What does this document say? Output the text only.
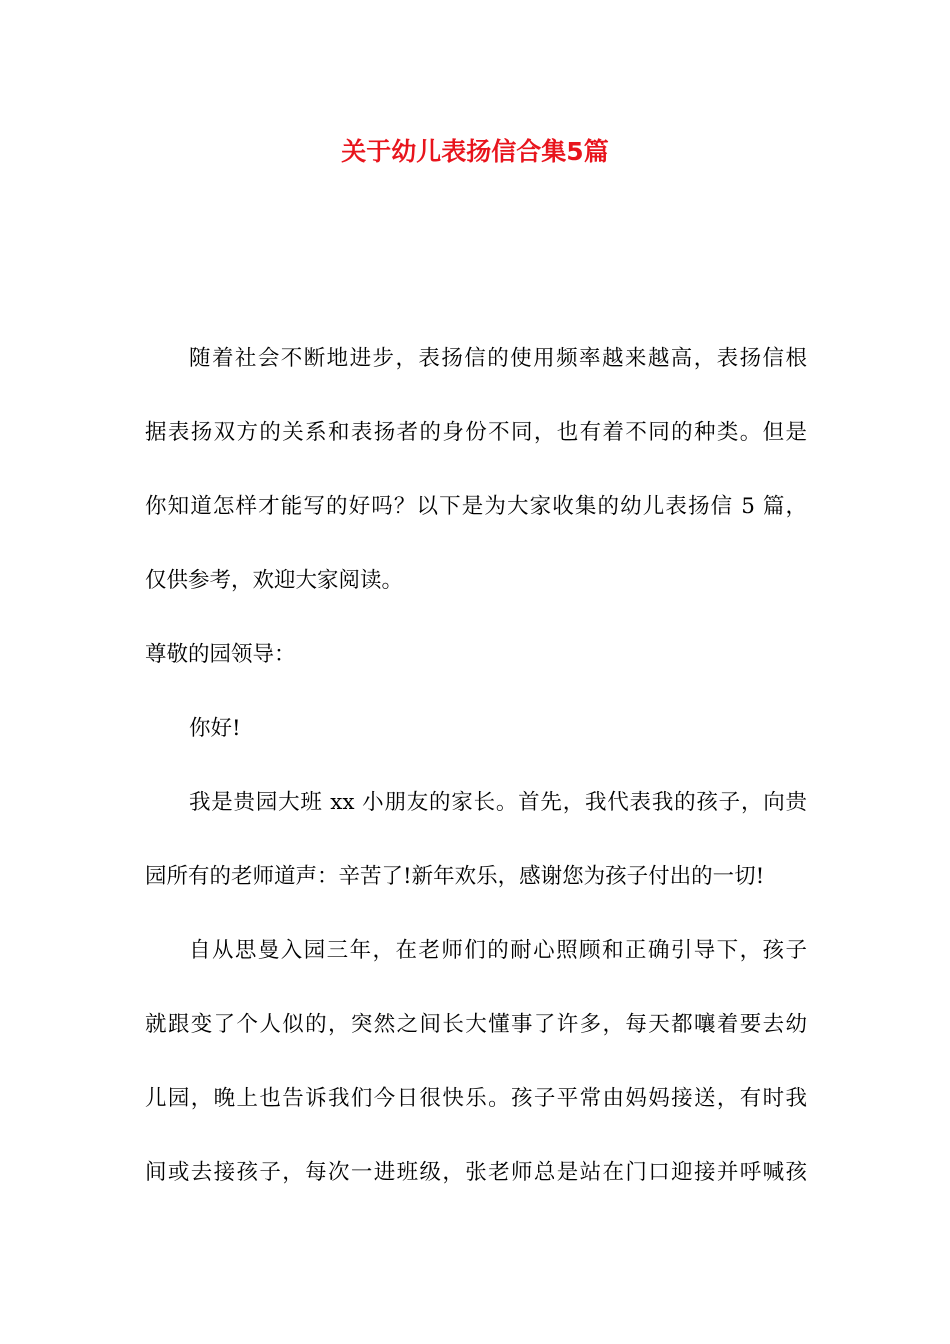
关于幼儿表扬信合集5篇
随着社会不断地进步，表扬信的使用频率越来越高，表扬信根
据表扬双方的关系和表扬者的身份不同，也有着不同的种类。但是
你知道怎样才能写的好吗？以下是为大家收集的幼儿表扬信 5 篇，
仅供参考，欢迎大家阅读。
尊敬的园领导：
你好!
我是贵园大班 xx 小朋友的家长。首先，我代表我的孩子，向贵
园所有的老师道声：辛苦了!新年欢乐，感谢您为孩子付出的一切!
自从思曼入园三年，在老师们的耐心照顾和正确引导下，孩子
就跟变了个人似的，突然之间长大懂事了许多，每天都嚷着要去幼
儿园，晚上也告诉我们今日很快乐。孩子平常由妈妈接送，有时我
间或去接孩子，每次一进班级，张老师总是站在门口迎接并呼喊孩
